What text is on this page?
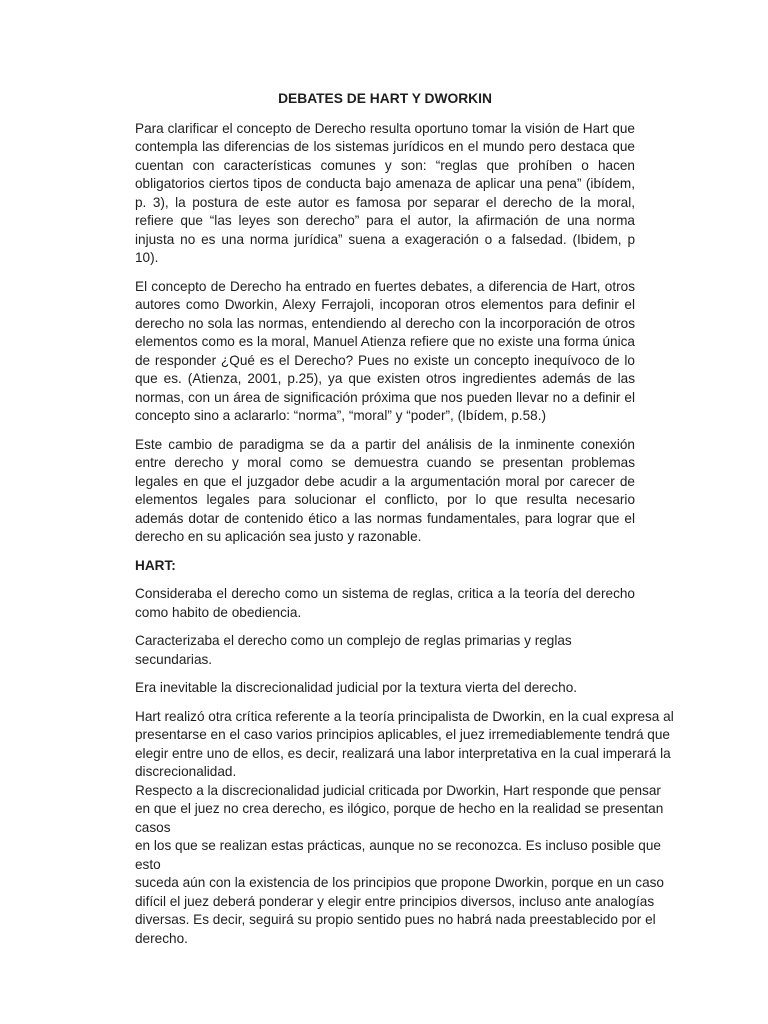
DEBATES DE HART Y DWORKIN

Para clarificar el concepto de Derecho resulta oportuno tomar la visión de Hart que contempla las diferencias de los sistemas jurídicos en el mundo pero destaca que cuentan con características comunes y son: “reglas que prohíben o hacen obligatorios ciertos tipos de conducta bajo amenaza de aplicar una pena” (ibídem, p. 3), la postura de este autor es famosa por separar el derecho de la moral, refiere que “las leyes son derecho” para el autor, la afirmación de una norma injusta no es una norma jurídica” suena a exageración o a falsedad. (Ibidem, p 10).

El concepto de Derecho ha entrado en fuertes debates, a diferencia de Hart, otros autores como Dworkin, Alexy Ferrajoli, incoporan otros elementos para definir el derecho no sola las normas, entendiendo al derecho con la incorporación de otros elementos como es la moral, Manuel Atienza refiere que no existe una forma única de responder ¿Qué es el Derecho? Pues no existe un concepto inequívoco de lo que es. (Atienza, 2001, p.25), ya que existen otros ingredientes además de las normas, con un área de significación próxima que nos pueden llevar no a definir el concepto sino a aclararlo: “norma”, “moral” y “poder”, (Ibídem, p.58.)

Este cambio de paradigma se da a partir del análisis de la inminente conexión entre derecho y moral como se demuestra cuando se presentan problemas legales en que el juzgador debe acudir a la argumentación moral por carecer de elementos legales para solucionar el conflicto, por lo que resulta necesario además dotar de contenido ético a las normas fundamentales, para lograr que el derecho en su aplicación sea justo y razonable.

HART:

Consideraba el derecho como un sistema de reglas, critica a la teoría del derecho como habito de obediencia.

Caracterizaba el derecho como un complejo de reglas primarias y reglas secundarias.

Era inevitable la discrecionalidad judicial por la textura vierta del derecho.

Hart realizó otra crítica referente a la teoría principalista de Dworkin, en la cual expresa al
presentarse en el caso varios principios aplicables, el juez irremediablemente tendrá que
elegir entre uno de ellos, es decir, realizará una labor interpretativa en la cual imperará la
discrecionalidad.
Respecto a la discrecionalidad judicial criticada por Dworkin, Hart responde que pensar
en que el juez no crea derecho, es ilógico, porque de hecho en la realidad se presentan
casos
en los que se realizan estas prácticas, aunque no se reconozca. Es incluso posible que
esto
suceda aún con la existencia de los principios que propone Dworkin, porque en un caso
difícil el juez deberá ponderar y elegir entre principios diversos, incluso ante analogías
diversas. Es decir, seguirá su propio sentido pues no habrá nada preestablecido por el
derecho.
